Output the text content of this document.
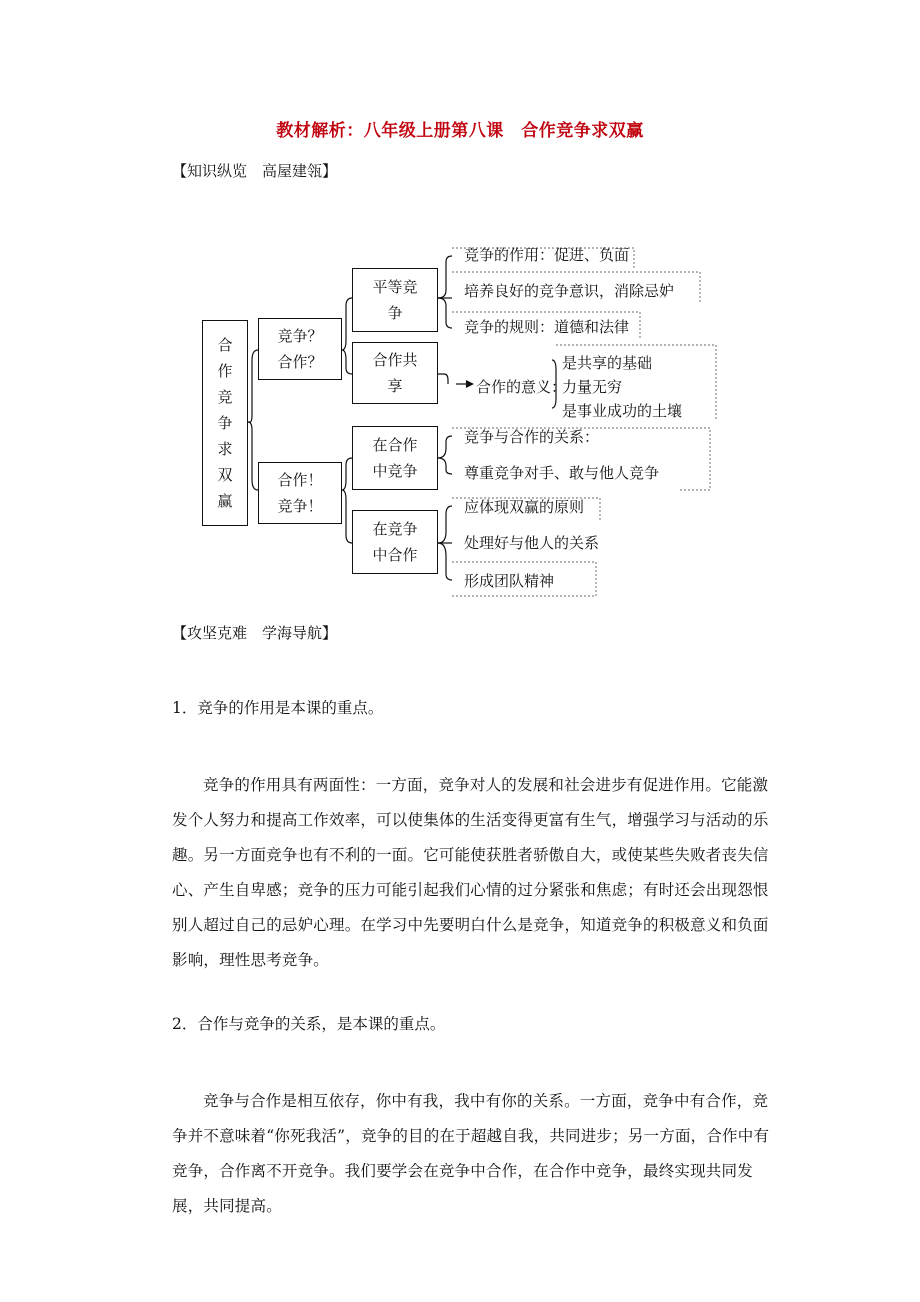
教材解析：八年级上册第八课　合作竞争求双赢
【知识纵览　高屋建瓴】
合
作
竞
争
求
双
赢
竞争？
合作？
合作！
竞争！
平等竞
争
合作共
享
在合作
中竞争
在竞争
中合作
竞争的作用：促进、负面
培养良好的竞争意识，消除忌妒
竞争的规则：道德和法律
合作的意义：
是共享的基础
力量无穷
是事业成功的土壤
竞争与合作的关系：
尊重竞争对手、敢与他人竞争
应体现双赢的原则
处理好与他人的关系
形成团队精神
【攻坚克难　学海导航】
1．竞争的作用是本课的重点。
竞争的作用具有两面性：一方面，竞争对人的发展和社会进步有促进作用。它能激发个人努力和提高工作效率，可以使集体的生活变得更富有生气，增强学习与活动的乐趣。另一方面竞争也有不利的一面。它可能使获胜者骄傲自大，或使某些失败者丧失信心、产生自卑感；竞争的压力可能引起我们心情的过分紧张和焦虑；有时还会出现怨恨别人超过自己的忌妒心理。在学习中先要明白什么是竞争，知道竞争的积极意义和负面影响，理性思考竞争。
2．合作与竞争的关系，是本课的重点。
竞争与合作是相互依存，你中有我，我中有你的关系。一方面，竞争中有合作，竞争并不意味着“你死我活”，竞争的目的在于超越自我，共同进步；另一方面，合作中有竞争，合作离不开竞争。我们要学会在竞争中合作，在合作中竞争，最终实现共同发展，共同提高。
